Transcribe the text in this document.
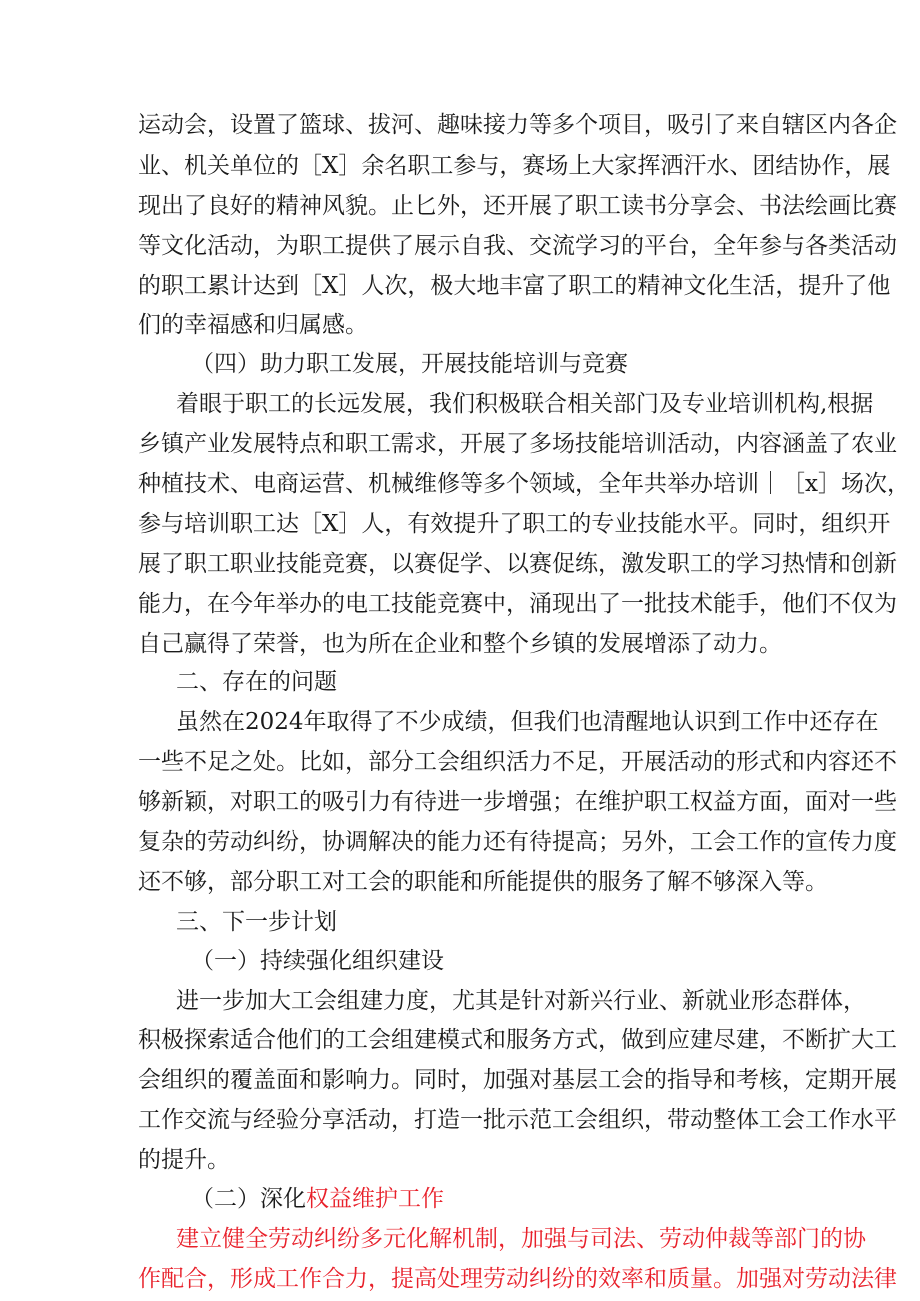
运动会，设置了篮球、拔河、趣味接力等多个项目，吸引了来自辖区内各企
业、机关单位的［X］余名职工参与，赛场上大家挥洒汗水、团结协作，展
现出了良好的精神风貌。止匕外，还开展了职工读书分享会、书法绘画比赛
等文化活动，为职工提供了展示自我、交流学习的平台，全年参与各类活动
的职工累计达到［X］人次，极大地丰富了职工的精神文化生活，提升了他
们的幸福感和归属感。
（四）助力职工发展，开展技能培训与竞赛
着眼于职工的长远发展，我们积极联合相关部门及专业培训机构,根据
乡镇产业发展特点和职工需求，开展了多场技能培训活动，内容涵盖了农业
种植技术、电商运营、机械维修等多个领域，全年共举办培训｜［x］场次，
参与培训职工达［X］人，有效提升了职工的专业技能水平。同时，组织开
展了职工职业技能竞赛，以赛促学、以赛促练，激发职工的学习热情和创新
能力，在今年举办的电工技能竞赛中，涌现出了一批技术能手，他们不仅为
自己赢得了荣誉，也为所在企业和整个乡镇的发展增添了动力。
二、存在的问题
虽然在2024年取得了不少成绩，但我们也清醒地认识到工作中还存在
一些不足之处。比如，部分工会组织活力不足，开展活动的形式和内容还不
够新颖，对职工的吸引力有待进一步增强；在维护职工权益方面，面对一些
复杂的劳动纠纷，协调解决的能力还有待提高；另外，工会工作的宣传力度
还不够，部分职工对工会的职能和所能提供的服务了解不够深入等。
三、下一步计划
（一）持续强化组织建设
进一步加大工会组建力度，尤其是针对新兴行业、新就业形态群体，
积极探索适合他们的工会组建模式和服务方式，做到应建尽建，不断扩大工
会组织的覆盖面和影响力。同时，加强对基层工会的指导和考核，定期开展
工作交流与经验分享活动，打造一批示范工会组织，带动整体工会工作水平
的提升。
（二）深化权益维护工作
建立健全劳动纠纷多元化解机制，加强与司法、劳动仲裁等部门的协
作配合，形成工作合力，提高处理劳动纠纷的效率和质量。加强对劳动法律
